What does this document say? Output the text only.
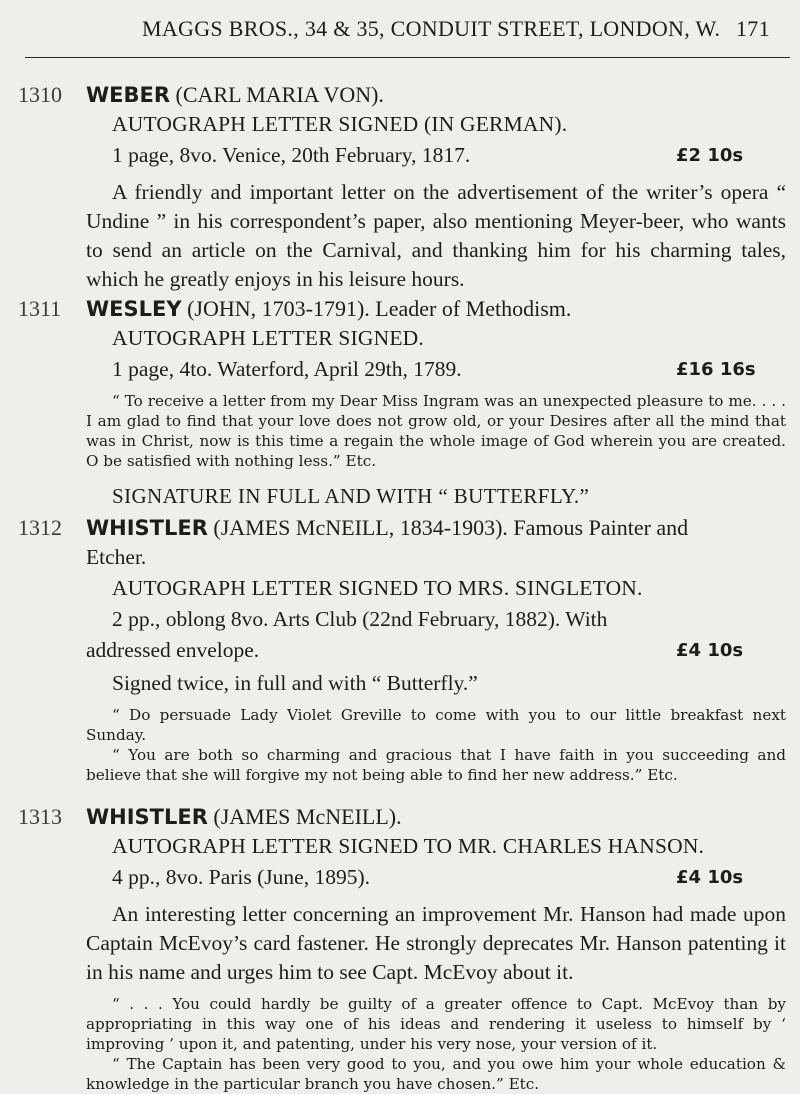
MAGGS BROS., 34 & 35, CONDUIT STREET, LONDON, W. 171
1310 WEBER (CARL MARIA VON).
AUTOGRAPH LETTER SIGNED (IN GERMAN).
1 page, 8vo. Venice, 20th February, 1817.	£2 10s
A friendly and important letter on the advertisement of the writer’s opera “ Undine ” in his correspondent’s paper, also mentioning Meyer-beer, who wants to send an article on the Carnival, and thanking him for his charming tales, which he greatly enjoys in his leisure hours.
1311 WESLEY (JOHN, 1703-1791). Leader of Methodism.
AUTOGRAPH LETTER SIGNED.
1 page, 4to. Waterford, April 29th, 1789.	£16 16s
“ To receive a letter from my Dear Miss Ingram was an unexpected pleasure to me. . . . I am glad to find that your love does not grow old, or your Desires after all the mind that was in Christ, now is this time a regain the whole image of God wherein you are created. O be satisfied with nothing less.” Etc.
SIGNATURE IN FULL AND WITH “ BUTTERFLY.”
1312 WHISTLER (JAMES McNEILL, 1834-1903). Famous Painter and
Etcher.
AUTOGRAPH LETTER SIGNED TO MRS. SINGLETON.
2 pp., oblong 8vo. Arts Club (22nd February, 1882). With
addressed envelope.	£4 10s
Signed twice, in full and with “ Butterfly.”
“ Do persuade Lady Violet Greville to come with you to our little breakfast next Sunday.
“ You are both so charming and gracious that I have faith in you succeeding and believe that she will forgive my not being able to find her new address.” Etc.
1313 WHISTLER (JAMES McNEILL).
AUTOGRAPH LETTER SIGNED TO MR. CHARLES HANSON.
4 pp., 8vo. Paris (June, 1895).	£4 10s
An interesting letter concerning an improvement Mr. Hanson had made upon Captain McEvoy’s card fastener. He strongly deprecates Mr. Hanson patenting it in his name and urges him to see Capt. McEvoy about it.
“ . . . You could hardly be guilty of a greater offence to Capt. McEvoy than by appropriating in this way one of his ideas and rendering it useless to himself by ‘ improving ’ upon it, and patenting, under his very nose, your version of it.
“ The Captain has been very good to you, and you owe him your whole education & knowledge in the particular branch you have chosen.” Etc.
